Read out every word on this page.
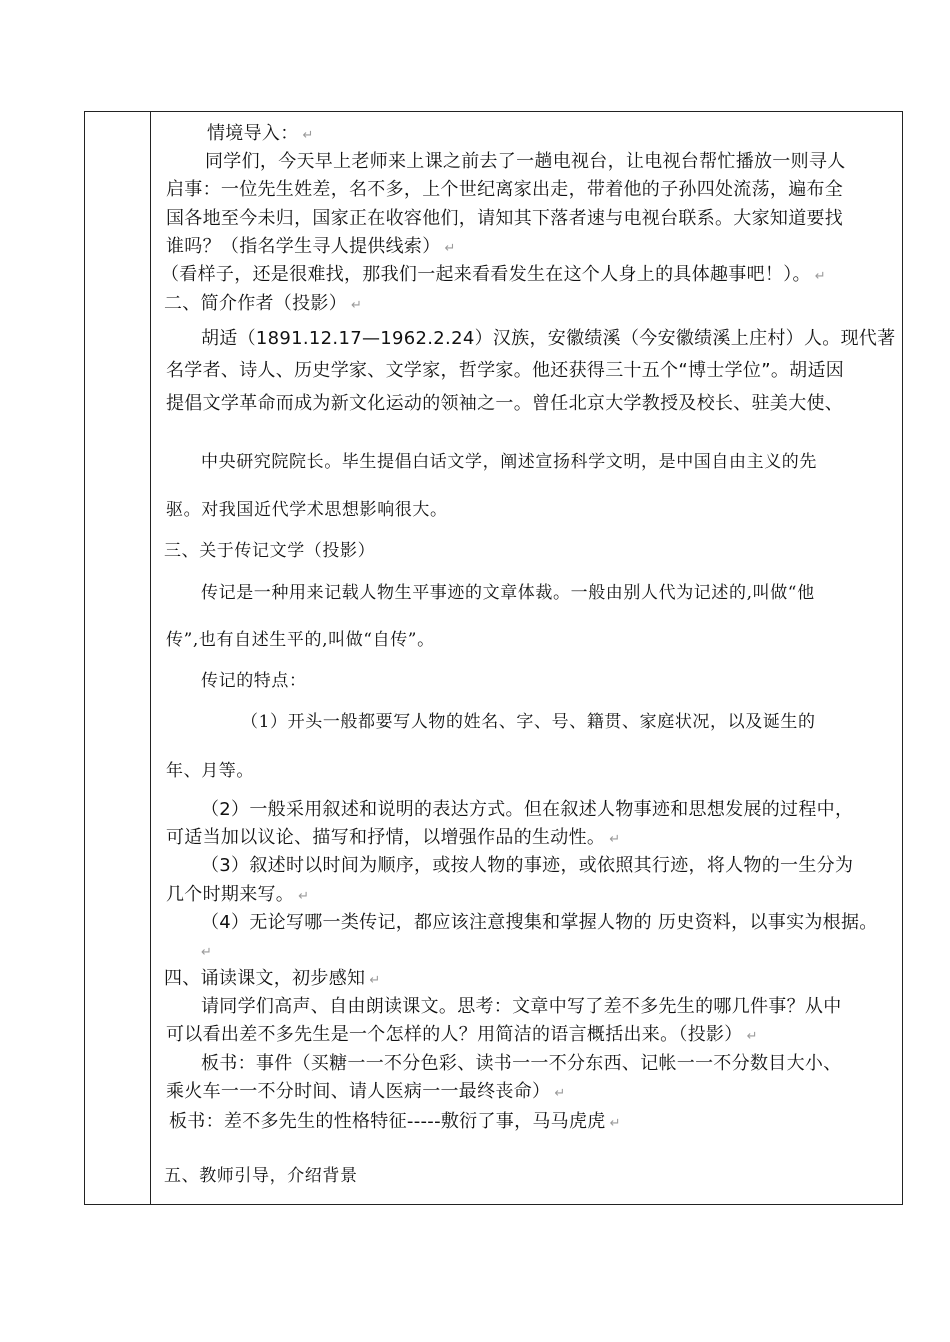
情境导入： ↵
同学们，今天早上老师来上课之前去了一趟电视台，让电视台帮忙播放一则寻人
启事：一位先生姓差，名不多，上个世纪离家出走，带着他的子孙四处流荡，遍布全
国各地至今未归，国家正在收容他们，请知其下落者速与电视台联系。大家知道要找
谁吗？（指名学生寻人提供线索） ↵
（看样子，还是很难找，那我们一起来看看发生在这个人身上的具体趣事吧！）。 ↵
二、简介作者（投影） ↵
胡适（1891.12.17—1962.2.24）汉族，安徽绩溪（今安徽绩溪上庄村）人。现代著
名学者、诗人、历史学家、文学家，哲学家。他还获得三十五个“博士学位”。胡适因
提倡文学革命而成为新文化运动的领袖之一。曾任北京大学教授及校长、驻美大使、
中央研究院院长。毕生提倡白话文学，阐述宣扬科学文明，是中国自由主义的先
驱。对我国近代学术思想影响很大。
三、关于传记文学（投影）
传记是一种用来记载人物生平事迹的文章体裁。一般由别人代为记述的,叫做“他
传”,也有自述生平的,叫做“自传”。
传记的特点：
（1）开头一般都要写人物的姓名、字、号、籍贯、家庭状况，以及诞生的
年、月等。
（2）一般采用叙述和说明的表达方式。但在叙述人物事迹和思想发展的过程中，
可适当加以议论、描写和抒情，以增强作品的生动性。 ↵
（3）叙述时以时间为顺序，或按人物的事迹，或依照其行迹，将人物的一生分为
几个时期来写。 ↵
（4）无论写哪一类传记，都应该注意搜集和掌握人物的 历史资料，以事实为根据。
↵
四、诵读课文，初步感知 ↵
请同学们高声、自由朗读课文。思考：文章中写了差不多先生的哪几件事？从中
可以看出差不多先生是一个怎样的人？用简洁的语言概括出来。（投影） ↵
板书：事件（买糖一一不分色彩、读书一一不分东西、记帐一一不分数目大小、
乘火车一一不分时间、请人医病一一最终丧命） ↵
板书：差不多先生的性格特征-----敷衍了事，马马虎虎 ↵
五、教师引导，介绍背景
